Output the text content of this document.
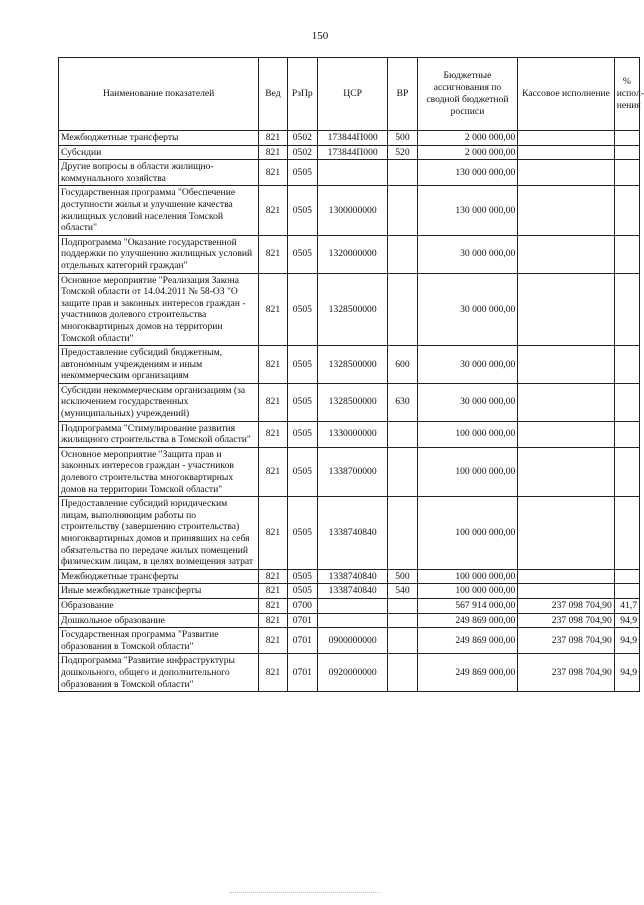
150
Наименование показателей	Вед	РзПр	ЦСР	ВР	Бюджетные ассигнования по сводной бюджетной росписи	Кассовое исполнение	% испол-нения
Межбюджетные трансферты	821	0502	173844П000	500	2 000 000,00		
Субсидии	821	0502	173844П000	520	2 000 000,00		
Другие вопросы в области жилищно-коммунального хозяйства	821	0505			130 000 000,00		
Государственная программа "Обеспечение доступности жилья и улучшение качества жилищных условий населения Томской области"	821	0505	1300000000		130 000 000,00		
Подпрограмма "Оказание государственной поддержки по улучшению жилищных условий отдельных категорий граждан"	821	0505	1320000000		30 000 000,00		
Основное мероприятие "Реализация Закона Томской области от 14.04.2011 № 58-ОЗ "О защите прав и законных интересов граждан - участников долевого строительства многоквартирных домов на территории Томской области"	821	0505	1328500000		30 000 000,00		
Предоставление субсидий бюджетным, автономным учреждениям и иным некоммерческим организациям	821	0505	1328500000	600	30 000 000,00		
Субсидии некоммерческим организациям (за исключением государственных (муниципальных) учреждений)	821	0505	1328500000	630	30 000 000,00		
Подпрограмма "Стимулирование развития жилищного строительства в Томской области"	821	0505	1330000000		100 000 000,00		
Основное мероприятие "Защита прав и законных интересов граждан - участников долевого строительства многоквартирных домов на территории Томской области"	821	0505	1338700000		100 000 000,00		
Предоставление субсидий юридическим лицам, выполняющим работы по строительству (завершению строительства) многоквартирных домов и принявших на себя обязательства по передаче жилых помещений физическим лицам, в целях возмещения затрат	821	0505	1338740840		100 000 000,00		
Межбюджетные трансферты	821	0505	1338740840	500	100 000 000,00		
Иные межбюджетные трансферты	821	0505	1338740840	540	100 000 000,00		
Образование	821	0700			567 914 000,00	237 098 704,90	41,7
Дошкольное образование	821	0701			249 869 000,00	237 098 704,90	94,9
Государственная программа "Развитие образования в Томской области"	821	0701	0900000000		249 869 000,00	237 098 704,90	94,9
Подпрограмма "Развитие инфраструктуры дошкольного, общего и дополнительного образования в Томской области"	821	0701	0920000000		249 869 000,00	237 098 704,90	94,9
